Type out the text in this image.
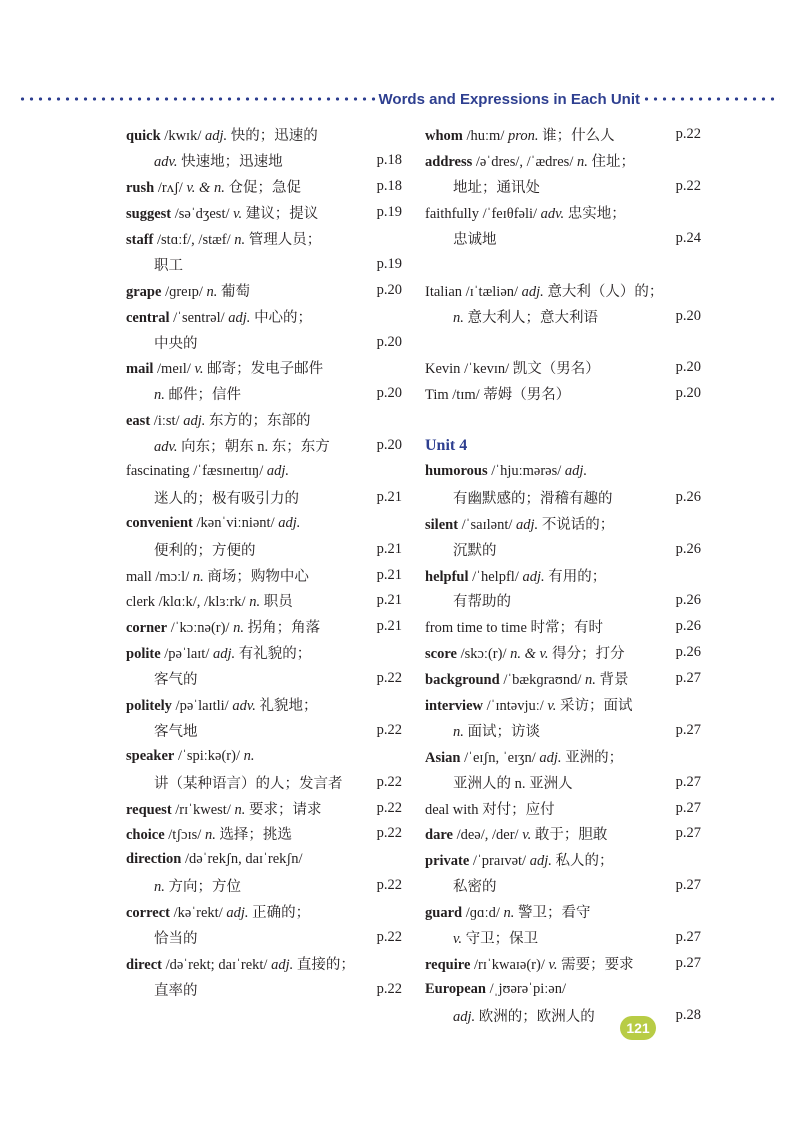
Words and Expressions in Each Unit
quick /kwɪk/ adj. 快的；迅速的
adv. 快速地；迅速地	p.18
rush /rʌʃ/ v. & n. 仓促；急促	p.18
suggest /səˈdʒest/ v. 建议；提议	p.19
staff /stɑːf/, /stæf/ n. 管理人员；
职工	p.19
grape /ɡreɪp/ n. 葡萄	p.20
central /ˈsentrəl/ adj. 中心的；
中央的	p.20
mail /meɪl/ v. 邮寄；发电子邮件
n. 邮件；信件	p.20
east /iːst/ adj. 东方的；东部的
adv. 向东；朝东 n. 东；东方	p.20
fascinating /ˈfæsɪneɪtɪŋ/ adj.
迷人的；极有吸引力的	p.21
convenient /kənˈviːniənt/ adj.
便利的；方便的	p.21
mall /mɔːl/ n. 商场；购物中心	p.21
clerk /klɑːk/, /klɜːrk/ n. 职员	p.21
corner /ˈkɔːnə(r)/ n. 拐角；角落	p.21
polite /pəˈlaɪt/ adj. 有礼貌的；
客气的	p.22
politely /pəˈlaɪtli/ adv. 礼貌地；
客气地	p.22
speaker /ˈspiːkə(r)/ n.
讲（某种语言）的人；发言者	p.22
request /rɪˈkwest/ n. 要求；请求	p.22
choice /tʃɔɪs/ n. 选择；挑选	p.22
direction /dəˈrekʃn, daɪˈrekʃn/
n. 方向；方位	p.22
correct /kəˈrekt/ adj. 正确的；
恰当的	p.22
direct /dəˈrekt; daɪˈrekt/ adj. 直接的；
直率的	p.22
whom /huːm/ pron. 谁；什么人	p.22
address /əˈdres/, /ˈædres/ n. 住址；
地址；通讯处	p.22
faithfully /ˈfeɪθfəli/ adv. 忠实地；
忠诚地	p.24
Italian /ɪˈtæliən/ adj. 意大利（人）的；
n. 意大利人；意大利语	p.20
Kevin /ˈkevɪn/ 凯文（男名）	p.20
Tim /tɪm/ 蒂姆（男名）	p.20
Unit 4
humorous /ˈhjuːmərəs/ adj.
有幽默感的；滑稽有趣的	p.26
silent /ˈsaɪlənt/ adj. 不说话的；
沉默的	p.26
helpful /ˈhelpfl/ adj. 有用的；
有帮助的	p.26
from time to time 时常；有时	p.26
score /skɔː(r)/ n. & v. 得分；打分	p.26
background /ˈbækɡraʊnd/ n. 背景	p.27
interview /ˈɪntəvjuː/ v. 采访；面试
n. 面试；访谈	p.27
Asian /ˈeɪʃn, ˈeɪʒn/ adj. 亚洲的；
亚洲人的 n. 亚洲人	p.27
deal with 对付；应付	p.27
dare /deə/, /der/ v. 敢于；胆敢	p.27
private /ˈpraɪvət/ adj. 私人的；
私密的	p.27
guard /ɡɑːd/ n. 警卫；看守
v. 守卫；保卫	p.27
require /rɪˈkwaɪə(r)/ v. 需要；要求	p.27
European /ˌjʊərəˈpiːən/
adj. 欧洲的；欧洲人的	p.28
121
